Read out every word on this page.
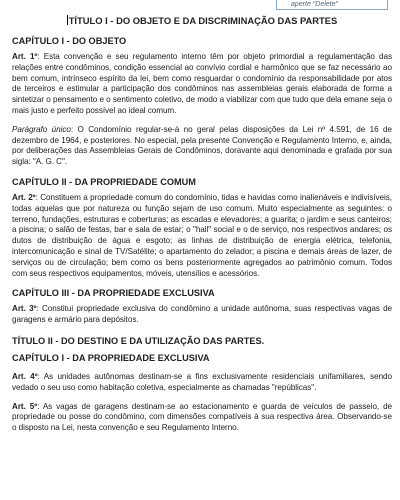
aperte "Delete"

TÍTULO I - DO OBJETO E DA DISCRIMINAÇÃO DAS PARTES

CAPÍTULO I - DO OBJETO

Art. 1º: Esta convenção e seu regulamento interno têm por objeto primordial a regulamentação das relações entre condôminos, condição essencial ao convívio cordial e harmônico que se faz necessário ao bem comum, intrínseco espírito da lei, bem como resguardar o condomínio da responsabilidade por atos de terceiros e estimular a participação dos condôminos nas assembleias gerais elaborada de forma a sintetizar o pensamento e o sentimento coletivo, de modo a viabilizar com que tudo que dela emane seja o mais justo e perfeito possível ao ideal comum.

Parágrafo único: O Condomínio regular-se-á no geral pelas disposições da Lei nº 4.591, de 16 de dezembro de 1964, e posteriores. No especial, pela presente Convenção e Regulamento Interno, e, ainda, por deliberações das Assembleias Gerais de Condôminos, doravante aqui denominada e grafada por sua sigla: "A. G. C".

CAPÍTULO II - DA PROPRIEDADE COMUM

Art. 2º: Constituem a propriedade comum do condomínio, tidas e havidas como inalienáveis e indivisíveis, todas aquelas que por natureza ou função sejam de uso comum. Muito especialmente as seguintes: o terreno, fundações, estruturas e coberturas; as escadas e elevadores; a guarita; o jardim e seus canteiros; a piscina; o salão de festas, bar e sala de estar; o "hall" social e o de serviço, nos respectivos andares; os dutos de distribuição de água e esgoto; as linhas de distribuição de energia elétrica, telefonia, intercomunicação e sinal de TV/Satélite; o apartamento do zelador; a piscina e demais áreas de lazer, de serviços ou de circulação; bem como os bens posteriormente agregados ao patrimônio comum. Todos com seus respectivos equipamentos, móveis, utensílios e acessórios.

CAPÍTULO III - DA PROPRIEDADE EXCLUSIVA

Art. 3º: Constitui propriedade exclusiva do condômino a unidade autônoma, suas respectivas vagas de garagens e armário para depósitos.

TÍTULO II - DO DESTINO E DA UTILIZAÇÃO DAS PARTES.

CAPÍTULO I - DA PROPRIEDADE EXCLUSIVA

Art. 4º: As unidades autônomas destinam-se a fins exclusivamente residenciais unifamiliares, sendo vedado o seu uso como habitação coletiva, especialmente as chamadas "repúblicas".

Art. 5º: As vagas de garagens destinam-se ao estacionamento e guarda de veículos de passeio, de propriedade ou posse do condômino, com dimensões compatíveis à sua respectiva área. Observando-se o disposto na Lei, nesta convenção e seu Regulamento Interno.
